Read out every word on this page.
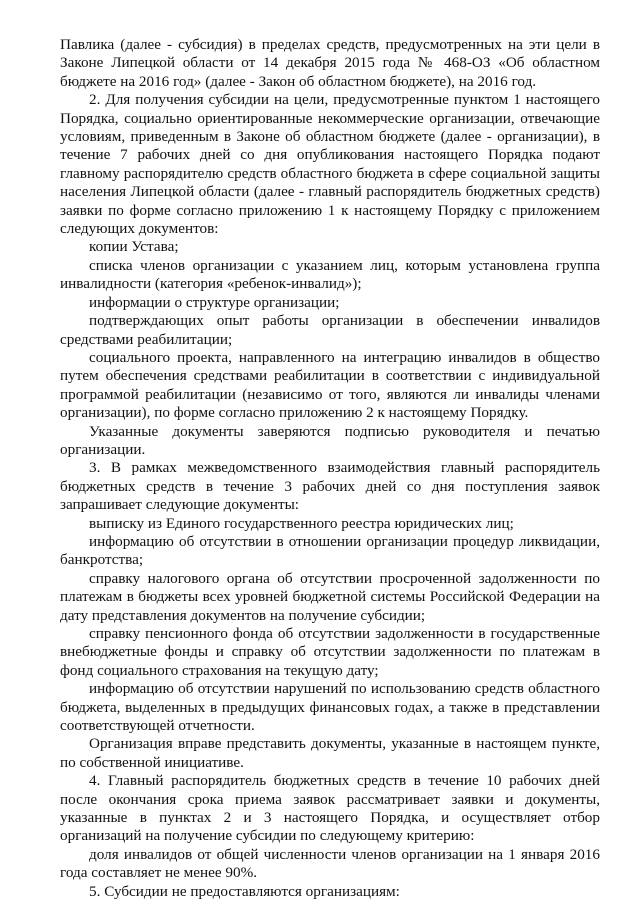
Павлика (далее - субсидия) в пределах средств, предусмотренных на эти цели в Законе Липецкой области от 14 декабря 2015 года № 468-ОЗ «Об областном бюджете на 2016 год» (далее - Закон об областном бюджете), на 2016 год.

2. Для получения субсидии на цели, предусмотренные пунктом 1 настоящего Порядка, социально ориентированные некоммерческие организации, отвечающие условиям, приведенным в Законе об областном бюджете (далее - организации), в течение 7 рабочих дней со дня опубликования настоящего Порядка подают главному распорядителю средств областного бюджета в сфере социальной защиты населения Липецкой области (далее - главный распорядитель бюджетных средств) заявки по форме согласно приложению 1 к настоящему Порядку с приложением следующих документов:

копии Устава;

списка членов организации с указанием лиц, которым установлена группа инвалидности (категория «ребенок-инвалид»);

информации о структуре организации;

подтверждающих опыт работы организации в обеспечении инвалидов средствами реабилитации;

социального проекта, направленного на интеграцию инвалидов в общество путем обеспечения средствами реабилитации в соответствии с индивидуальной программой реабилитации (независимо от того, являются ли инвалиды членами организации), по форме согласно приложению 2 к настоящему Порядку.

Указанные документы заверяются подписью руководителя и печатью организации.

3. В рамках межведомственного взаимодействия главный распорядитель бюджетных средств в течение 3 рабочих дней со дня поступления заявок запрашивает следующие документы:

выписку из Единого государственного реестра юридических лиц;

информацию об отсутствии в отношении организации процедур ликвидации, банкротства;

справку налогового органа об отсутствии просроченной задолженности по платежам в бюджеты всех уровней бюджетной системы Российской Федерации на дату представления документов на получение субсидии;

справку пенсионного фонда об отсутствии задолженности в государственные внебюджетные фонды и справку об отсутствии задолженности по платежам в фонд социального страхования на текущую дату;

информацию об отсутствии нарушений по использованию средств областного бюджета, выделенных в предыдущих финансовых годах, а также в представлении соответствующей отчетности.

Организация вправе представить документы, указанные в настоящем пункте, по собственной инициативе.

4. Главный распорядитель бюджетных средств в течение 10 рабочих дней после окончания срока приема заявок рассматривает заявки и документы, указанные в пунктах 2 и 3 настоящего Порядка, и осуществляет отбор организаций на получение субсидии по следующему критерию:

доля инвалидов от общей численности членов организации на 1 января 2016 года составляет не менее 90%.

5. Субсидии не предоставляются организациям:
